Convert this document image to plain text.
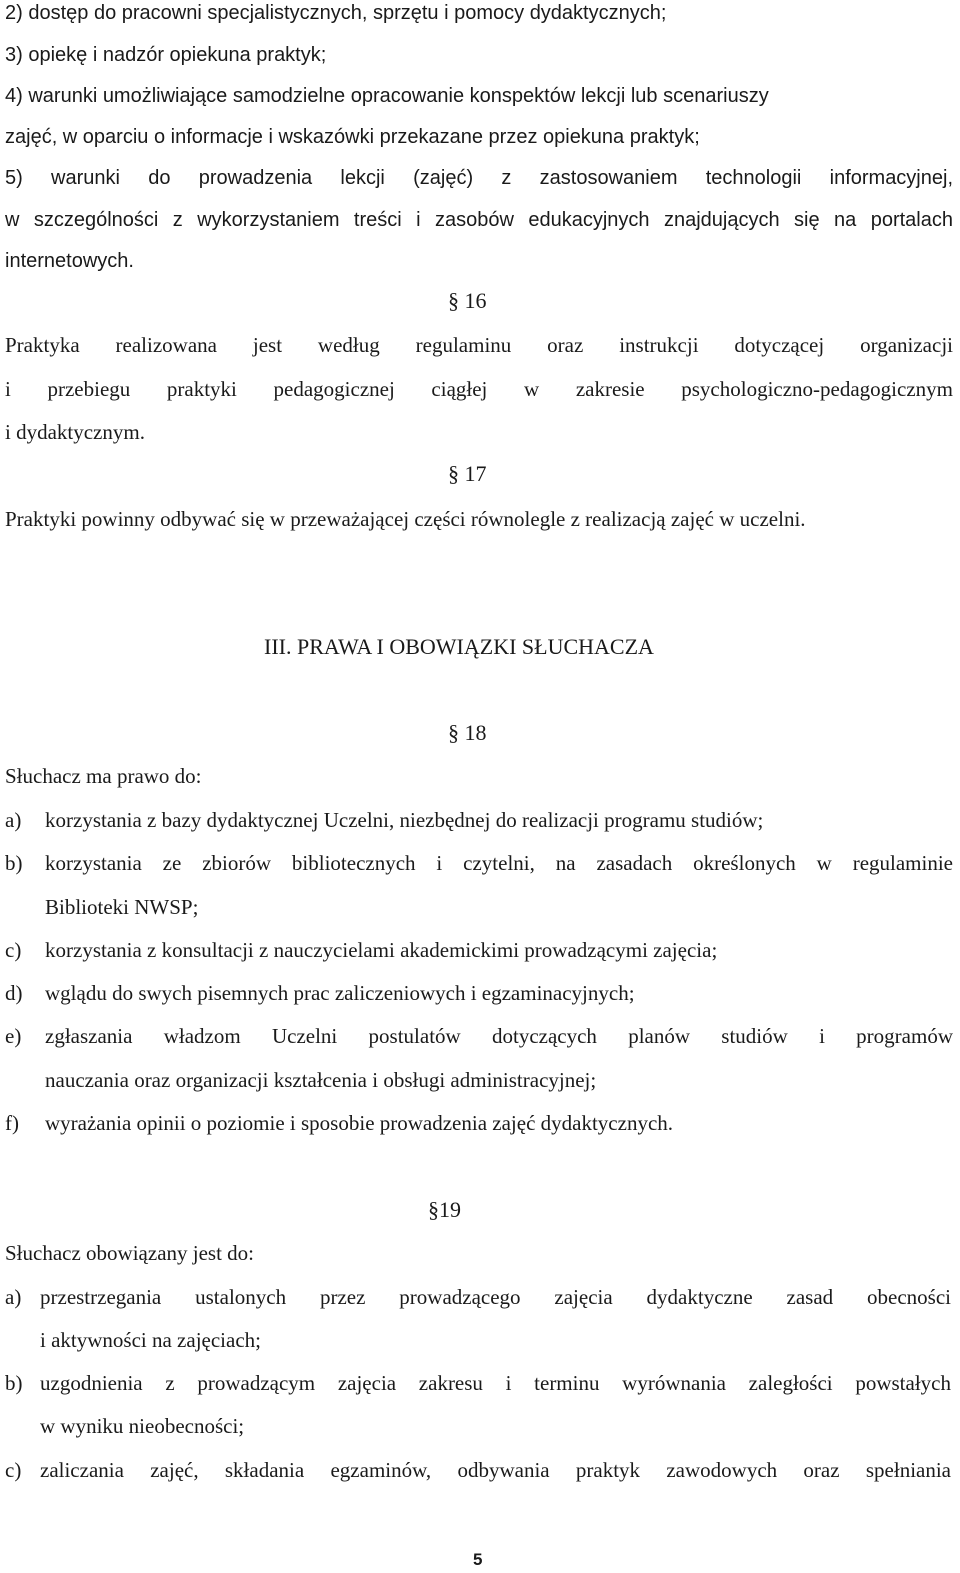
2) dostęp do pracowni specjalistycznych, sprzętu i pomocy dydaktycznych;
3) opiekę i nadzór opiekuna praktyk;
4) warunki umożliwiające samodzielne opracowanie konspektów lekcji lub scenariuszy
zajęć, w oparciu o informacje i wskazówki przekazane przez opiekuna praktyk;
5) warunki do prowadzenia lekcji (zajęć) z zastosowaniem technologii informacyjnej,
w szczególności z wykorzystaniem treści i zasobów edukacyjnych znajdujących się na portalach
internetowych.
§ 16
Praktyka realizowana jest według regulaminu oraz instrukcji dotyczącej organizacji
i przebiegu praktyki pedagogicznej ciągłej w zakresie psychologiczno-pedagogicznym
i dydaktycznym.
§ 17
Praktyki powinny odbywać się w przeważającej części równolegle z realizacją zajęć w uczelni.
III. PRAWA I OBOWIĄZKI SŁUCHACZA
§ 18
Słuchacz ma prawo do:
a) korzystania z bazy dydaktycznej Uczelni, niezbędnej do realizacji programu studiów;
b) korzystania ze zbiorów bibliotecznych i czytelni, na zasadach określonych w regulaminie
Biblioteki NWSP;
c) korzystania z konsultacji z nauczycielami akademickimi prowadzącymi zajęcia;
d) wglądu do swych pisemnych prac zaliczeniowych i egzaminacyjnych;
e) zgłaszania władzom Uczelni postulatów dotyczących planów studiów i programów
nauczania oraz organizacji kształcenia i obsługi administracyjnej;
f) wyrażania opinii o poziomie i sposobie prowadzenia zajęć dydaktycznych.
§19
Słuchacz obowiązany jest do:
a) przestrzegania ustalonych przez prowadzącego zajęcia dydaktyczne zasad obecności
i aktywności na zajęciach;
b) uzgodnienia z prowadzącym zajęcia zakresu i terminu wyrównania zaległości powstałych
w wyniku nieobecności;
c) zaliczania zajęć, składania egzaminów, odbywania praktyk zawodowych oraz spełniania
5
